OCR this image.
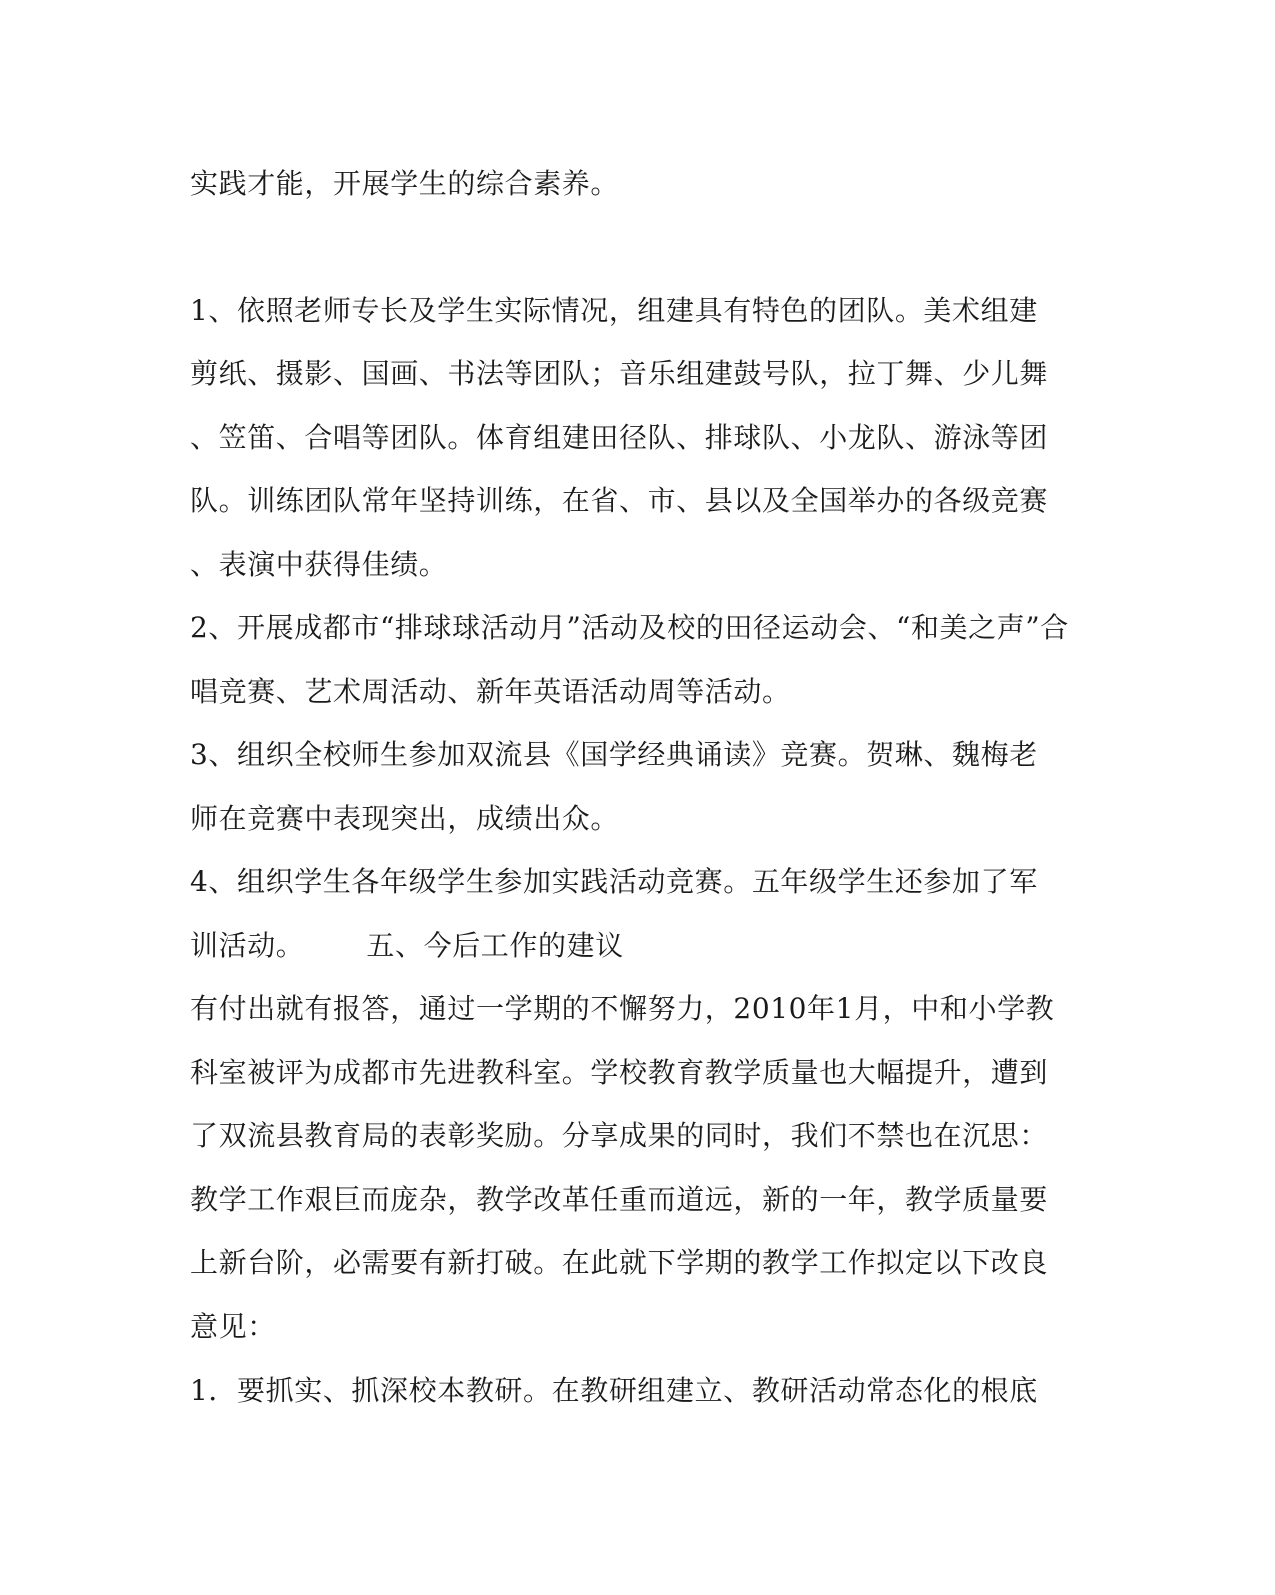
实践才能，开展学生的综合素养。
1、依照老师专长及学生实际情况，组建具有特色的团队。美术组建
剪纸、摄影、国画、书法等团队；音乐组建鼓号队，拉丁舞、少儿舞
、笠笛、合唱等团队。体育组建田径队、排球队、小龙队、游泳等团
队。训练团队常年坚持训练，在省、市、县以及全国举办的各级竞赛
、表演中获得佳绩。
2、开展成都市“排球球活动月”活动及校的田径运动会、“和美之声”合
唱竞赛、艺术周活动、新年英语活动周等活动。
3、组织全校师生参加双流县《国学经典诵读》竞赛。贺琳、魏梅老
师在竞赛中表现突出，成绩出众。
4、组织学生各年级学生参加实践活动竞赛。五年级学生还参加了军
训活动。 五、今后工作的建议
有付出就有报答，通过一学期的不懈努力，2010年1月，中和小学教
科室被评为成都市先进教科室。学校教育教学质量也大幅提升，遭到
了双流县教育局的表彰奖励。分享成果的同时，我们不禁也在沉思：
教学工作艰巨而庞杂，教学改革任重而道远，新的一年，教学质量要
上新台阶，必需要有新打破。在此就下学期的教学工作拟定以下改良
意见：
1．要抓实、抓深校本教研。在教研组建立、教研活动常态化的根底
